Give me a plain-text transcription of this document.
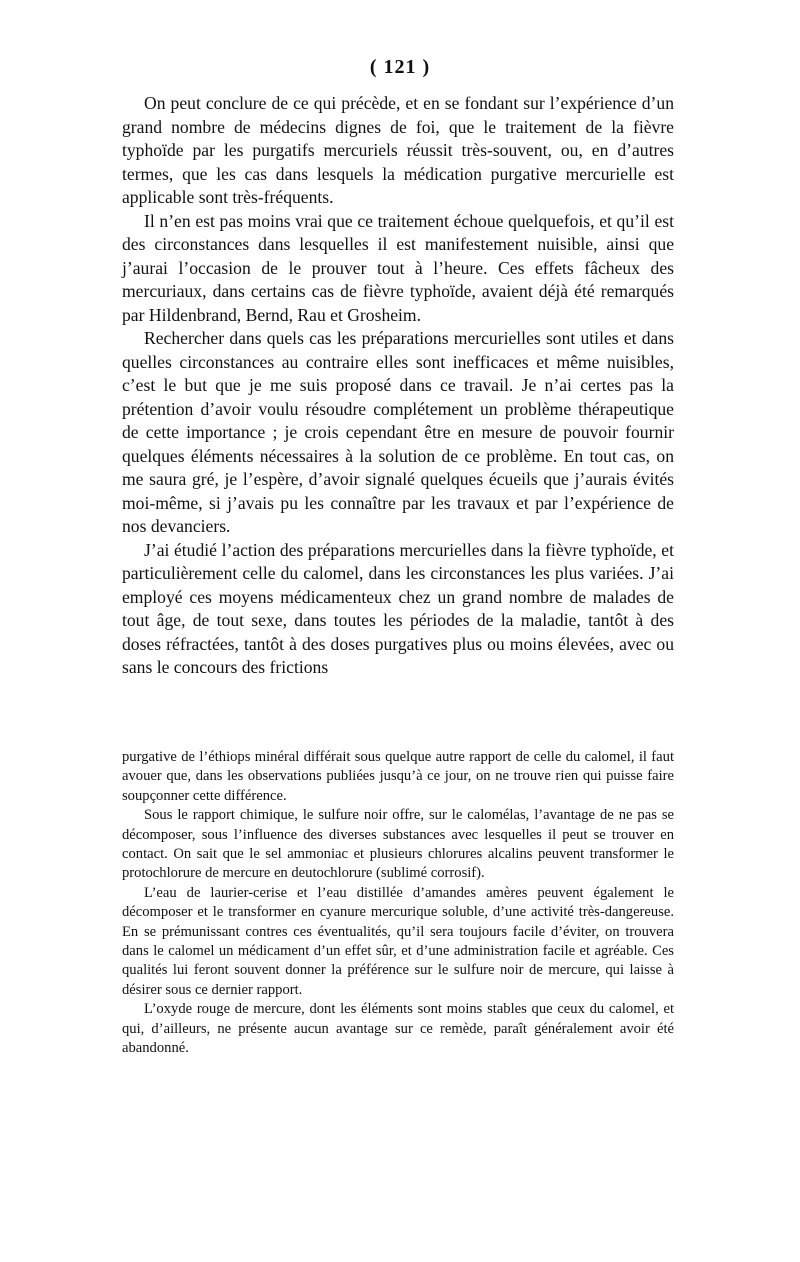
( 121 )

On peut conclure de ce qui précède, et en se fondant sur l’expérience d’un grand nombre de médecins dignes de foi, que le traitement de la fièvre typhoïde par les purgatifs mercuriels réussit très-souvent, ou, en d’autres termes, que les cas dans lesquels la médication purgative mercurielle est applicable sont très-fréquents.

Il n’en est pas moins vrai que ce traitement échoue quelquefois, et qu’il est des circonstances dans lesquelles il est manifestement nuisible, ainsi que j’aurai l’occasion de le prouver tout à l’heure. Ces effets fâcheux des mercuriaux, dans certains cas de fièvre typhoïde, avaient déjà été remarqués par Hildenbrand, Bernd, Rau et Grosheim.

Rechercher dans quels cas les préparations mercurielles sont utiles et dans quelles circonstances au contraire elles sont inefficaces et même nuisibles, c’est le but que je me suis proposé dans ce travail. Je n’ai certes pas la prétention d’avoir voulu résoudre complétement un problème thérapeutique de cette importance ; je crois cependant être en mesure de pouvoir fournir quelques éléments nécessaires à la solution de ce problème. En tout cas, on me saura gré, je l’espère, d’avoir signalé quelques écueils que j’aurais évités moi-même, si j’avais pu les connaître par les travaux et par l’expérience de nos devanciers.

J’ai étudié l’action des préparations mercurielles dans la fièvre typhoïde, et particulièrement celle du calomel, dans les circonstances les plus variées. J’ai employé ces moyens médicamenteux chez un grand nombre de malades de tout âge, de tout sexe, dans toutes les périodes de la maladie, tantôt à des doses réfractées, tantôt à des doses purgatives plus ou moins élevées, avec ou sans le concours des frictions

purgative de l’éthiops minéral différait sous quelque autre rapport de celle du calomel, il faut avouer que, dans les observations publiées jusqu’à ce jour, on ne trouve rien qui puisse faire soupçonner cette différence.

Sous le rapport chimique, le sulfure noir offre, sur le calomélas, l’avantage de ne pas se décomposer, sous l’influence des diverses substances avec lesquelles il peut se trouver en contact. On sait que le sel ammoniac et plusieurs chlorures alcalins peuvent transformer le protochlorure de mercure en deutochlorure (sublimé corrosif).

L’eau de laurier-cerise et l’eau distillée d’amandes amères peuvent également le décomposer et le transformer en cyanure mercurique soluble, d’une activité très-dangereuse. En se prémunissant contres ces éventualités, qu’il sera toujours facile d’éviter, on trouvera dans le calomel un médicament d’un effet sûr, et d’une administration facile et agréable. Ces qualités lui feront souvent donner la préférence sur le sulfure noir de mercure, qui laisse à désirer sous ce dernier rapport.

L’oxyde rouge de mercure, dont les éléments sont moins stables que ceux du calomel, et qui, d’ailleurs, ne présente aucun avantage sur ce remède, paraît généralement avoir été abandonné.
